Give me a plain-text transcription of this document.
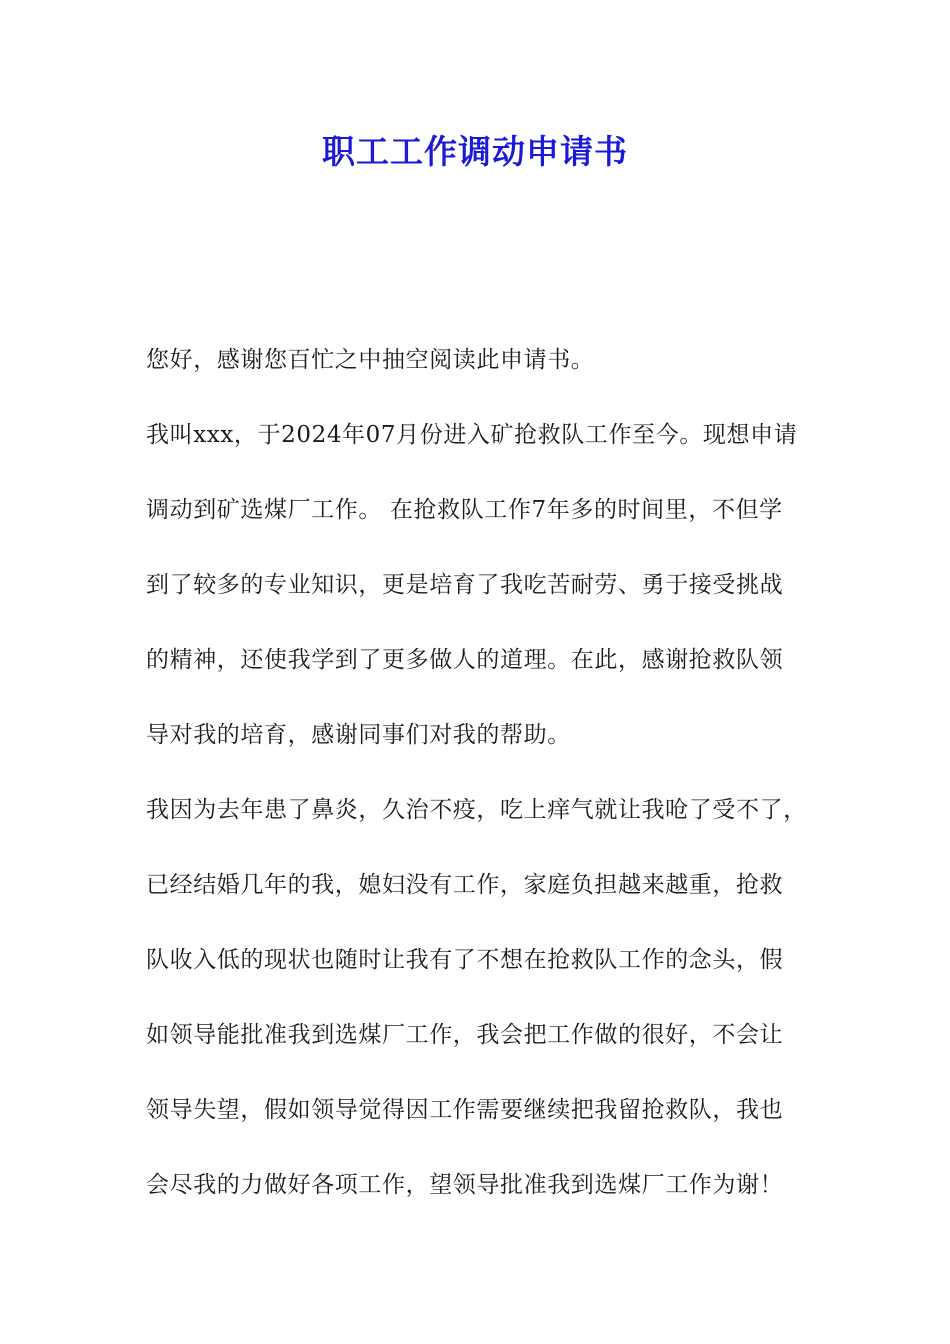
职工工作调动申请书
您好，感谢您百忙之中抽空阅读此申请书。
我叫xxx，于2024年07月份进入矿抢救队工作至今。现想申请
调动到矿选煤厂工作。 在抢救队工作7年多的时间里，不但学
到了较多的专业知识，更是培育了我吃苦耐劳、勇于接受挑战
的精神，还使我学到了更多做人的道理。在此，感谢抢救队领
导对我的培育，感谢同事们对我的帮助。
我因为去年患了鼻炎，久治不疫，吃上痒气就让我呛了受不了，
已经结婚几年的我，媳妇没有工作，家庭负担越来越重，抢救
队收入低的现状也随时让我有了不想在抢救队工作的念头，假
如领导能批准我到选煤厂工作，我会把工作做的很好，不会让
领导失望，假如领导觉得因工作需要继续把我留抢救队，我也
会尽我的力做好各项工作，望领导批准我到选煤厂工作为谢！
